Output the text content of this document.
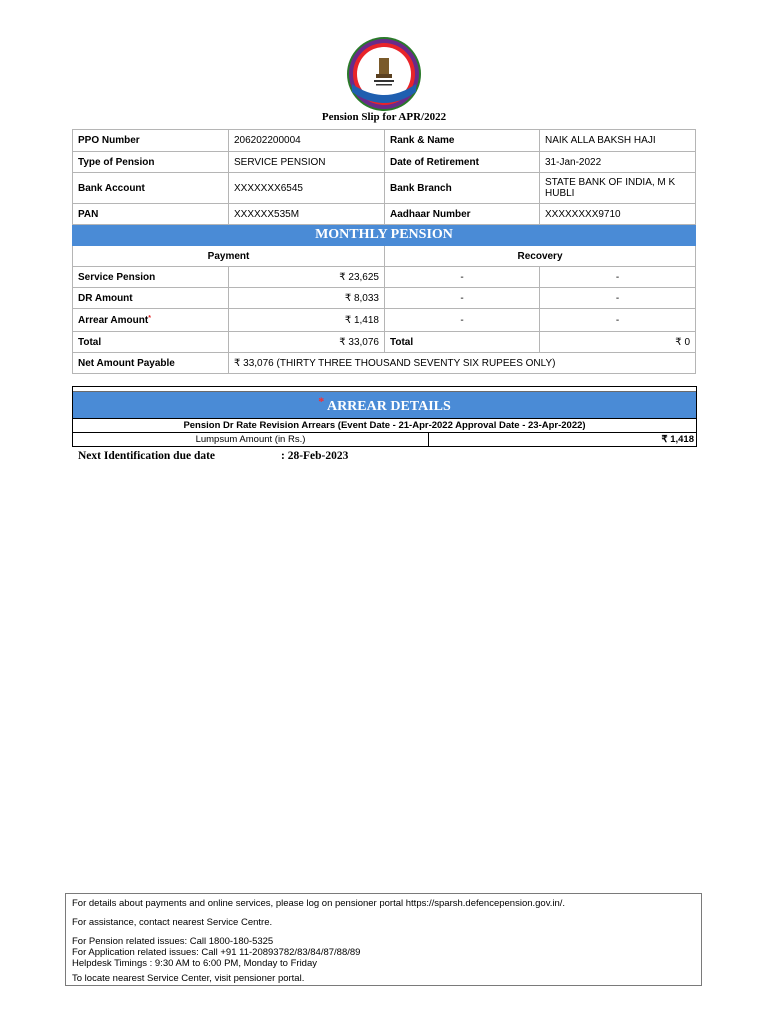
Pension Slip for APR/2022
PPO Number	206202200004	Rank & Name	NAIK ALLA BAKSH HAJI
Type of Pension	SERVICE PENSION	Date of Retirement	31-Jan-2022
Bank Account	XXXXXXX6545	Bank Branch	STATE BANK OF INDIA, M K
HUBLI
PAN	XXXXXX535M	Aadhaar Number	XXXXXXXX9710
MONTHLY PENSION			
Payment		Recovery	
Service Pension	₹ 23,625	-	-
DR Amount	₹ 8,033	-	-
Arrear Amount*	₹ 1,418	-	-
Total	₹ 33,076	Total	₹ 0
Net Amount Payable	₹ 33,076 (THIRTY THREE THOUSAND SEVENTY SIX RUPEES ONLY)		
* ARREAR DETAILS
Pension Dr Rate Revision Arrears (Event Date - 21-Apr-2022 Approval Date - 23-Apr-2022)
Lumpsum Amount (in Rs.)	₹ 1,418
Next Identification due date	: 28-Feb-2023
For details about payments and online services, please log on pensioner portal https://sparsh.defencepension.gov.in/.
For assistance, contact nearest Service Centre.
For Pension related issues: Call 1800-180-5325
For Application related issues: Call +91 11-20893782/83/84/87/88/89
Helpdesk Timings : 9:30 AM to 6:00 PM, Monday to Friday
To locate nearest Service Center, visit pensioner portal.
